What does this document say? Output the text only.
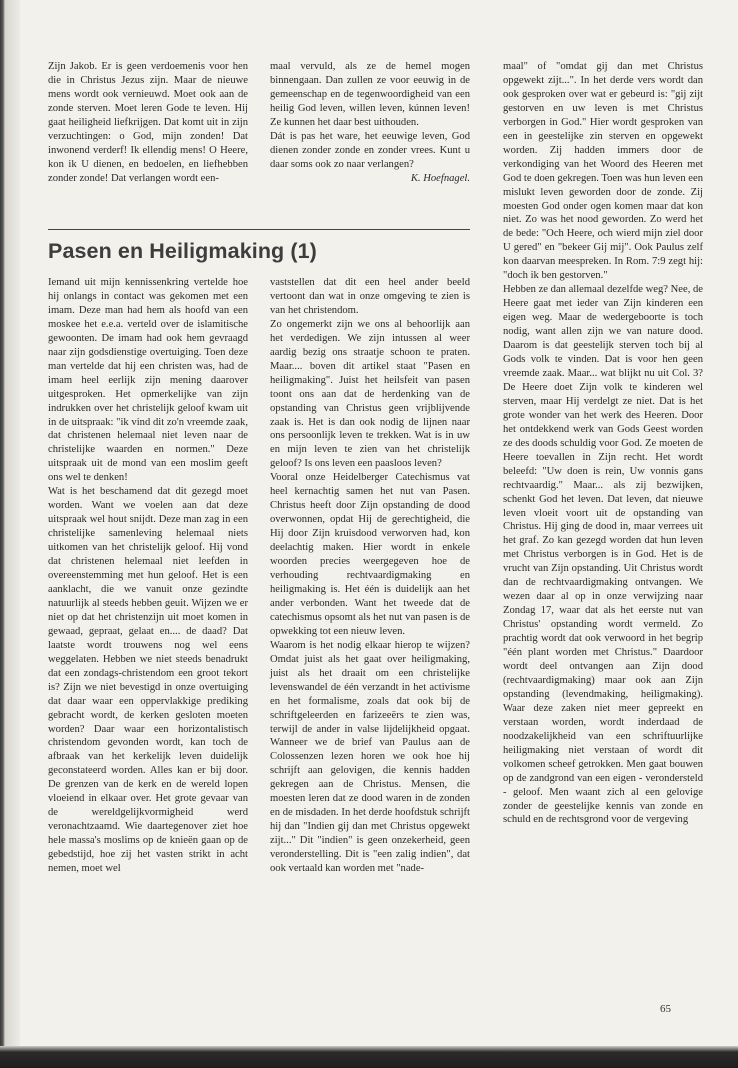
Zijn Jakob. Er is geen verdoemenis voor hen die in Christus Jezus zijn. Maar de nieuwe mens wordt ook vernieuwd. Moet ook aan de zonde sterven. Moet leren Gode te leven. Hij gaat heiligheid liefkrijgen. Dat komt uit in zijn verzuchtingen: o God, mijn zonden! Dat inwonend verderf! Ik ellendig mens! O Heere, kon ik U dienen, en bedoelen, en liefhebben zonder zonde! Dat verlangen wordt een-

maal vervuld, als ze de hemel mogen binnengaan. Dan zullen ze voor eeuwig in de gemeenschap en de tegenwoordigheid van een heilig God leven, willen leven, kúnnen leven! Ze kunnen het daar best uithouden.

Dát is pas het ware, het eeuwige leven, God dienen zonder zonde en zonder vrees. Kunt u daar soms ook zo naar verlangen?

K. Hoefnagel.

Pasen en Heiligmaking (1)

Iemand uit mijn kennissenkring vertelde hoe hij onlangs in contact was gekomen met een imam. Deze man had hem als hoofd van een moskee het e.e.a. verteld over de islamitische gewoonten. De imam had ook hem gevraagd naar zijn godsdienstige overtuiging. Toen deze man vertelde dat hij een christen was, had de imam heel eerlijk zijn mening daarover uitgesproken. Het opmerkelijke van zijn indrukken over het christelijk geloof kwam uit in de uitspraak: "ik vind dit zo'n vreemde zaak, dat christenen helemaal niet leven naar de christelijke waarden en normen." Deze uitspraak uit de mond van een moslim geeft ons wel te denken!

Wat is het beschamend dat dit gezegd moet worden. Want we voelen aan dat deze uitspraak wel hout snijdt. Deze man zag in een christelijke samenleving helemaal niets uitkomen van het christelijk geloof. Hij vond dat christenen helemaal niet leefden in overeenstemming met hun geloof. Het is een aanklacht, die we vanuit onze gezindte natuurlijk al steeds hebben geuit. Wijzen we er niet op dat het christenzijn uit moet komen in gewaad, gepraat, gelaat en.... de daad? Dat laatste wordt trouwens nog wel eens weggelaten. Hebben we niet steeds benadrukt dat een zondags-christendom een groot tekort is? Zijn we niet bevestigd in onze overtuiging dat daar waar een oppervlakkige prediking gebracht wordt, de kerken gesloten moeten worden? Daar waar een horizontalistisch christendom gevonden wordt, kan toch de afbraak van het kerkelijk leven duidelijk geconstateerd worden. Alles kan er bij door. De grenzen van de kerk en de wereld lopen vloeiend in elkaar over. Het grote gevaar van de wereldgelijkvormigheid werd veronachtzaamd. Wie daartegenover ziet hoe hele massa's moslims op de knieën gaan op de gebedstijd, hoe zij het vasten strikt in acht nemen, moet wel

vaststellen dat dit een heel ander beeld vertoont dan wat in onze omgeving te zien is van het christendom.

Zo ongemerkt zijn we ons al behoorlijk aan het verdedigen. We zijn intussen al weer aardig bezig ons straatje schoon te praten. Maar.... boven dit artikel staat "Pasen en heiligmaking". Juist het heilsfeit van pasen toont ons aan dat de herdenking van de opstanding van Christus geen vrijblijvende zaak is. Het is dan ook nodig de lijnen naar ons persoonlijk leven te trekken. Wat is in uw en mijn leven te zien van het christelijk geloof? Is ons leven een paasloos leven?

Vooral onze Heidelberger Catechismus vat heel kernachtig samen het nut van Pasen. Christus heeft door Zijn opstanding de dood overwonnen, opdat Hij de gerechtigheid, die Hij door Zijn kruisdood verworven had, kon deelachtig maken. Hier wordt in enkele woorden precies weergegeven hoe de verhouding rechtvaardigmaking en heiligmaking is. Het één is duidelijk aan het ander verbonden. Want het tweede dat de catechismus opsomt als het nut van pasen is de opwekking tot een nieuw leven.

Waarom is het nodig elkaar hierop te wijzen? Omdat juist als het gaat over heiligmaking, juist als het draait om een christelijke levenswandel de één verzandt in het activisme en het formalisme, zoals dat ook bij de schriftgeleerden en farizeeërs te zien was, terwijl de ander in valse lijdelijkheid opgaat. Wanneer we de brief van Paulus aan de Colossenzen lezen horen we ook hoe hij schrijft aan gelovigen, die kennis hadden gekregen aan de Christus. Mensen, die moesten leren dat ze dood waren in de zonden en de misdaden. In het derde hoofdstuk schrijft hij dan "Indien gij dan met Christus opgewekt zijt..." Dit "indien" is geen onzekerheid, geen veronderstelling. Dit is "een zalig indien", dat ook vertaald kan worden met "nade-

maal" of "omdat gij dan met Christus opgewekt zijt...". In het derde vers wordt dan ook gesproken over wat er gebeurd is: "gij zijt gestorven en uw leven is met Christus verborgen in God." Hier wordt gesproken van een in geestelijke zin sterven en opgewekt worden. Zij hadden immers door de verkondiging van het Woord des Heeren met God te doen gekregen. Toen was hun leven een mislukt leven geworden door de zonde. Zij moesten God onder ogen komen maar dat kon niet. Zo was het nood geworden. Zo werd het de bede: "Och Heere, och wierd mijn ziel door U gered" en "bekeer Gij mij". Ook Paulus zelf kon daarvan meespreken. In Rom. 7:9 zegt hij: "doch ik ben gestorven."

Hebben ze dan allemaal dezelfde weg? Nee, de Heere gaat met ieder van Zijn kinderen een eigen weg. Maar de wedergeboorte is toch nodig, want allen zijn we van nature dood. Daarom is dat geestelijk sterven toch bij al Gods volk te vinden. Dat is voor hen geen vreemde zaak. Maar... wat blijkt nu uit Col. 3? De Heere doet Zijn volk te kinderen wel sterven, maar Hij verdelgt ze niet. Dat is het grote wonder van het werk des Heeren. Door het ontdekkend werk van Gods Geest worden ze des doods schuldig voor God. Ze moeten de Heere toevallen in Zijn recht. Het wordt beleefd: "Uw doen is rein, Uw vonnis gans rechtvaardig." Maar... als zij bezwijken, schenkt God het leven. Dat leven, dat nieuwe leven vloeit voort uit de opstanding van Christus. Hij ging de dood in, maar verrees uit het graf. Zo kan gezegd worden dat hun leven met Christus verborgen is in God. Het is de vrucht van Zijn opstanding. Uit Christus wordt dan de rechtvaardigmaking ontvangen. We wezen daar al op in onze verwijzing naar Zondag 17, waar dat als het eerste nut van Christus' opstanding wordt vermeld. Zo prachtig wordt dat ook verwoord in het begrip "één plant worden met Christus." Daardoor wordt deel ontvangen aan Zijn dood (rechtvaardigmaking) maar ook aan Zijn opstanding (levendmaking, heiligmaking). Waar deze zaken niet meer gepreekt en verstaan worden, wordt inderdaad de noodzakelijkheid van een schriftuurlijke heiligmaking niet verstaan of wordt dit volkomen scheef getrokken. Men gaat bouwen op de zandgrond van een eigen - verondersteld - geloof. Men waant zich al een gelovige zonder de geestelijke kennis van zonde en schuld en de rechtsgrond voor de vergeving

65
